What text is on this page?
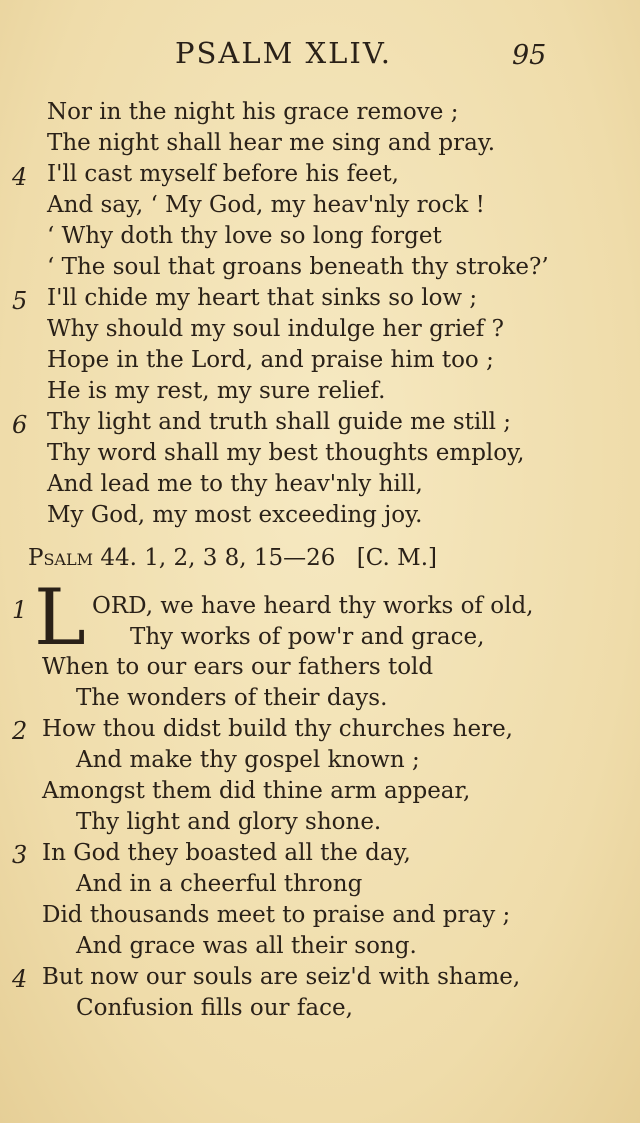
PSALM XLIV.	95
Nor in the night his grace remove ;
The night shall hear me sing and pray.
4 I'll cast myself before his feet,
And say, ‘ My God, my heav'nly rock !
‘ Why doth thy love so long forget
‘ The soul that groans beneath thy stroke?’
5 I'll chide my heart that sinks so low ;
Why should my soul indulge her grief ?
Hope in the Lord, and praise him too ;
He is my rest, my sure relief.
6 Thy light and truth shall guide me still ;
Thy word shall my best thoughts employ,
And lead me to thy heav'nly hill,
My God, my most exceeding joy.
Psalm 44. 1, 2, 3 8, 15—26 [C. M.]
1 L ORD, we have heard thy works of old,
Thy works of pow'r and grace,
When to our ears our fathers told
The wonders of their days.
2 How thou didst build thy churches here,
And make thy gospel known ;
Amongst them did thine arm appear,
Thy light and glory shone.
3 In God they boasted all the day,
And in a cheerful throng
Did thousands meet to praise and pray ;
And grace was all their song.
4 But now our souls are seiz'd with shame,
Confusion fills our face,
